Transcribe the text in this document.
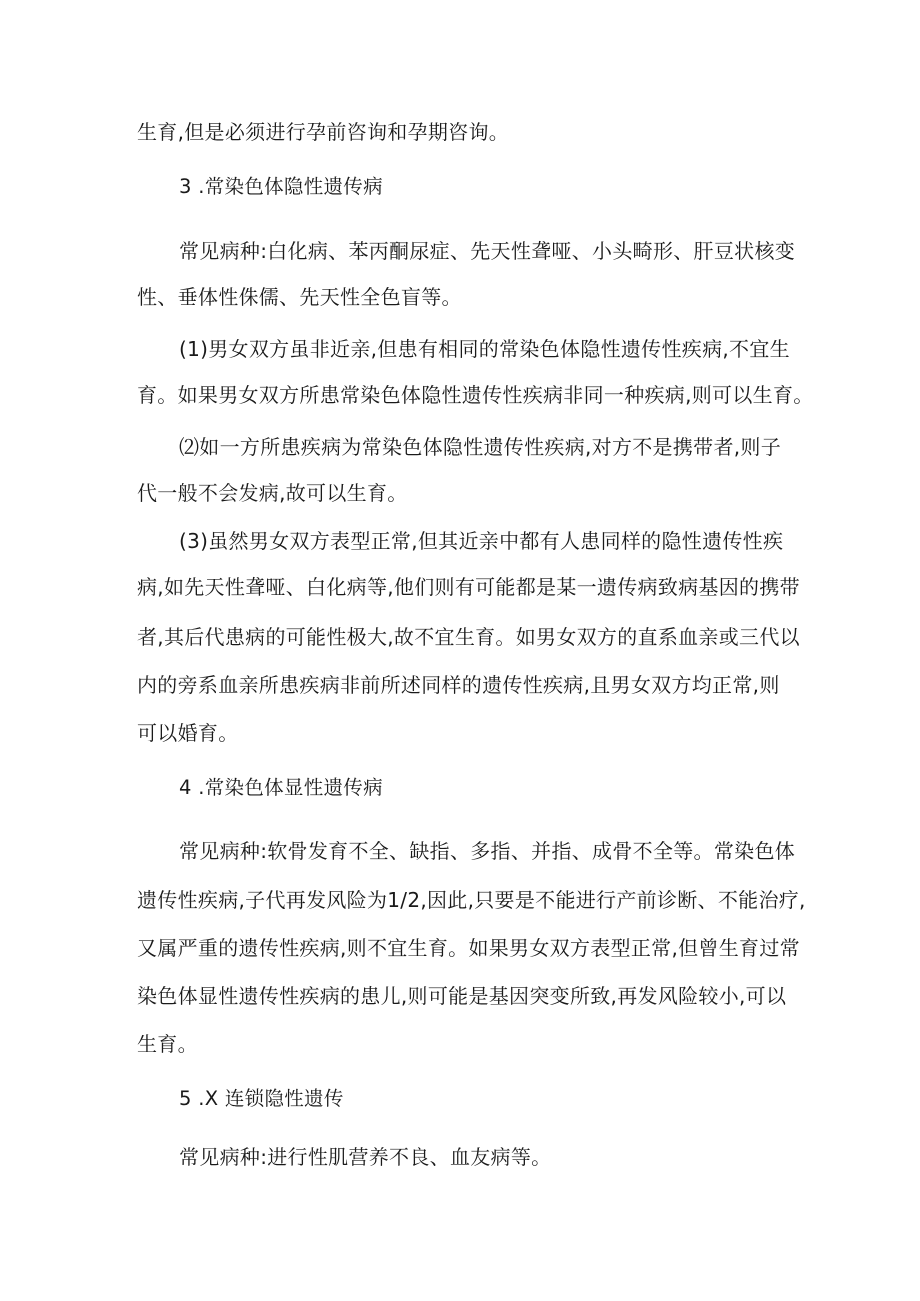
生育,但是必须进行孕前咨询和孕期咨询。

3 .常染色体隐性遗传病

常见病种:白化病、苯丙酮尿症、先天性聋哑、小头畸形、肝豆状核变

性、垂体性侏儒、先天性全色盲等。

(1)男女双方虽非近亲,但患有相同的常染色体隐性遗传性疾病,不宜生

育。如果男女双方所患常染色体隐性遗传性疾病非同一种疾病,则可以生育。

⑵如一方所患疾病为常染色体隐性遗传性疾病,对方不是携带者,则子

代一般不会发病,故可以生育。

(3)虽然男女双方表型正常,但其近亲中都有人患同样的隐性遗传性疾

病,如先天性聋哑、白化病等,他们则有可能都是某一遗传病致病基因的携带

者,其后代患病的可能性极大,故不宜生育。如男女双方的直系血亲或三代以

内的旁系血亲所患疾病非前所述同样的遗传性疾病,且男女双方均正常,则

可以婚育。

4 .常染色体显性遗传病

常见病种:软骨发育不全、缺指、多指、并指、成骨不全等。常染色体

遗传性疾病,子代再发风险为1/2,因此,只要是不能进行产前诊断、不能治疗,

又属严重的遗传性疾病,则不宜生育。如果男女双方表型正常,但曾生育过常

染色体显性遗传性疾病的患儿,则可能是基因突变所致,再发风险较小,可以

生育。

5 .X 连锁隐性遗传

常见病种:进行性肌营养不良、血友病等。
